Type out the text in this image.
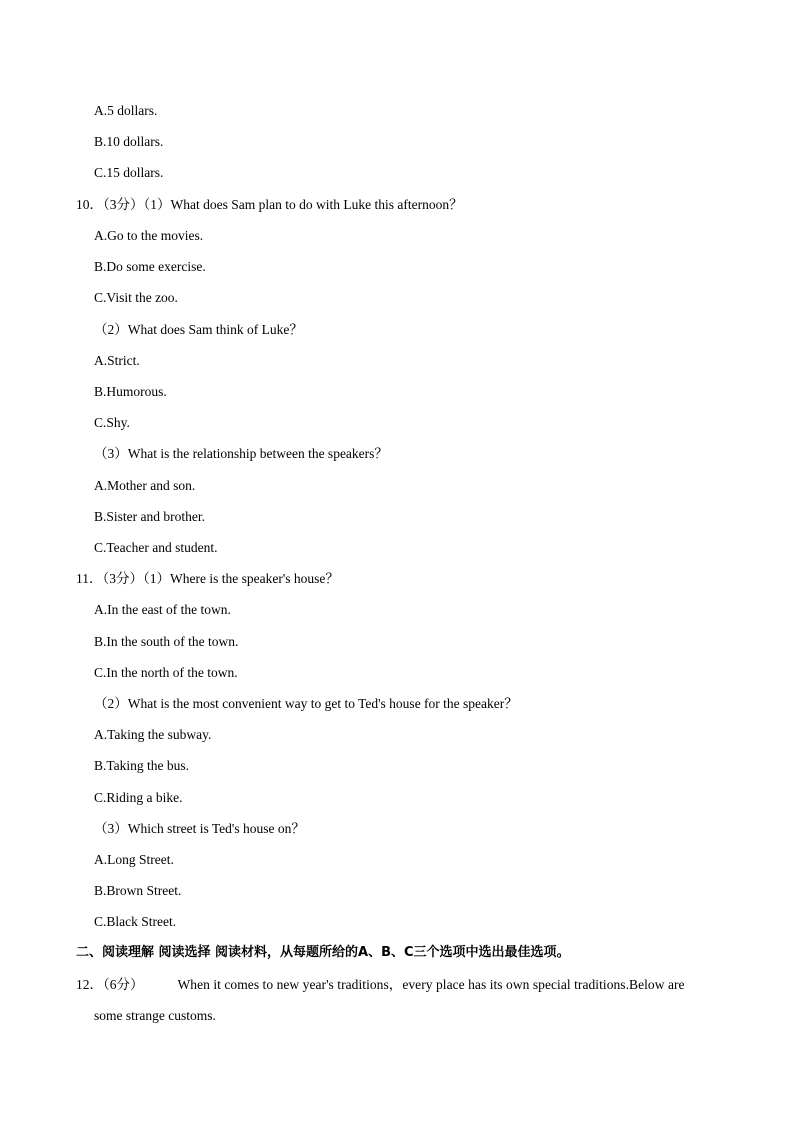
A.5 dollars.
B.10 dollars.
C.15 dollars.
10．（3分）（1）What does Sam plan to do with Luke this afternoon？
A.Go to the movies.
B.Do some exercise.
C.Visit the zoo.
（2）What does Sam think of Luke？
A.Strict.
B.Humorous.
C.Shy.
（3）What is the relationship between the speakers？
A.Mother and son.
B.Sister and brother.
C.Teacher and student.
11．（3分）（1）Where is the speaker's house？
A.In the east of the town.
B.In the south of the town.
C.In the north of the town.
（2）What is the most convenient way to get to Ted's house for the speaker？
A.Taking the subway.
B.Taking the bus.
C.Riding a bike.
（3）Which street is Ted's house on？
A.Long Street.
B.Brown Street.
C.Black Street.
二、阅读理解 阅读选择 阅读材料，从每题所给的A、B、C三个选项中选出最佳选项。
12．（6分）	When it comes to new year's traditions，every place has its own special traditions.Below are
some strange customs.
